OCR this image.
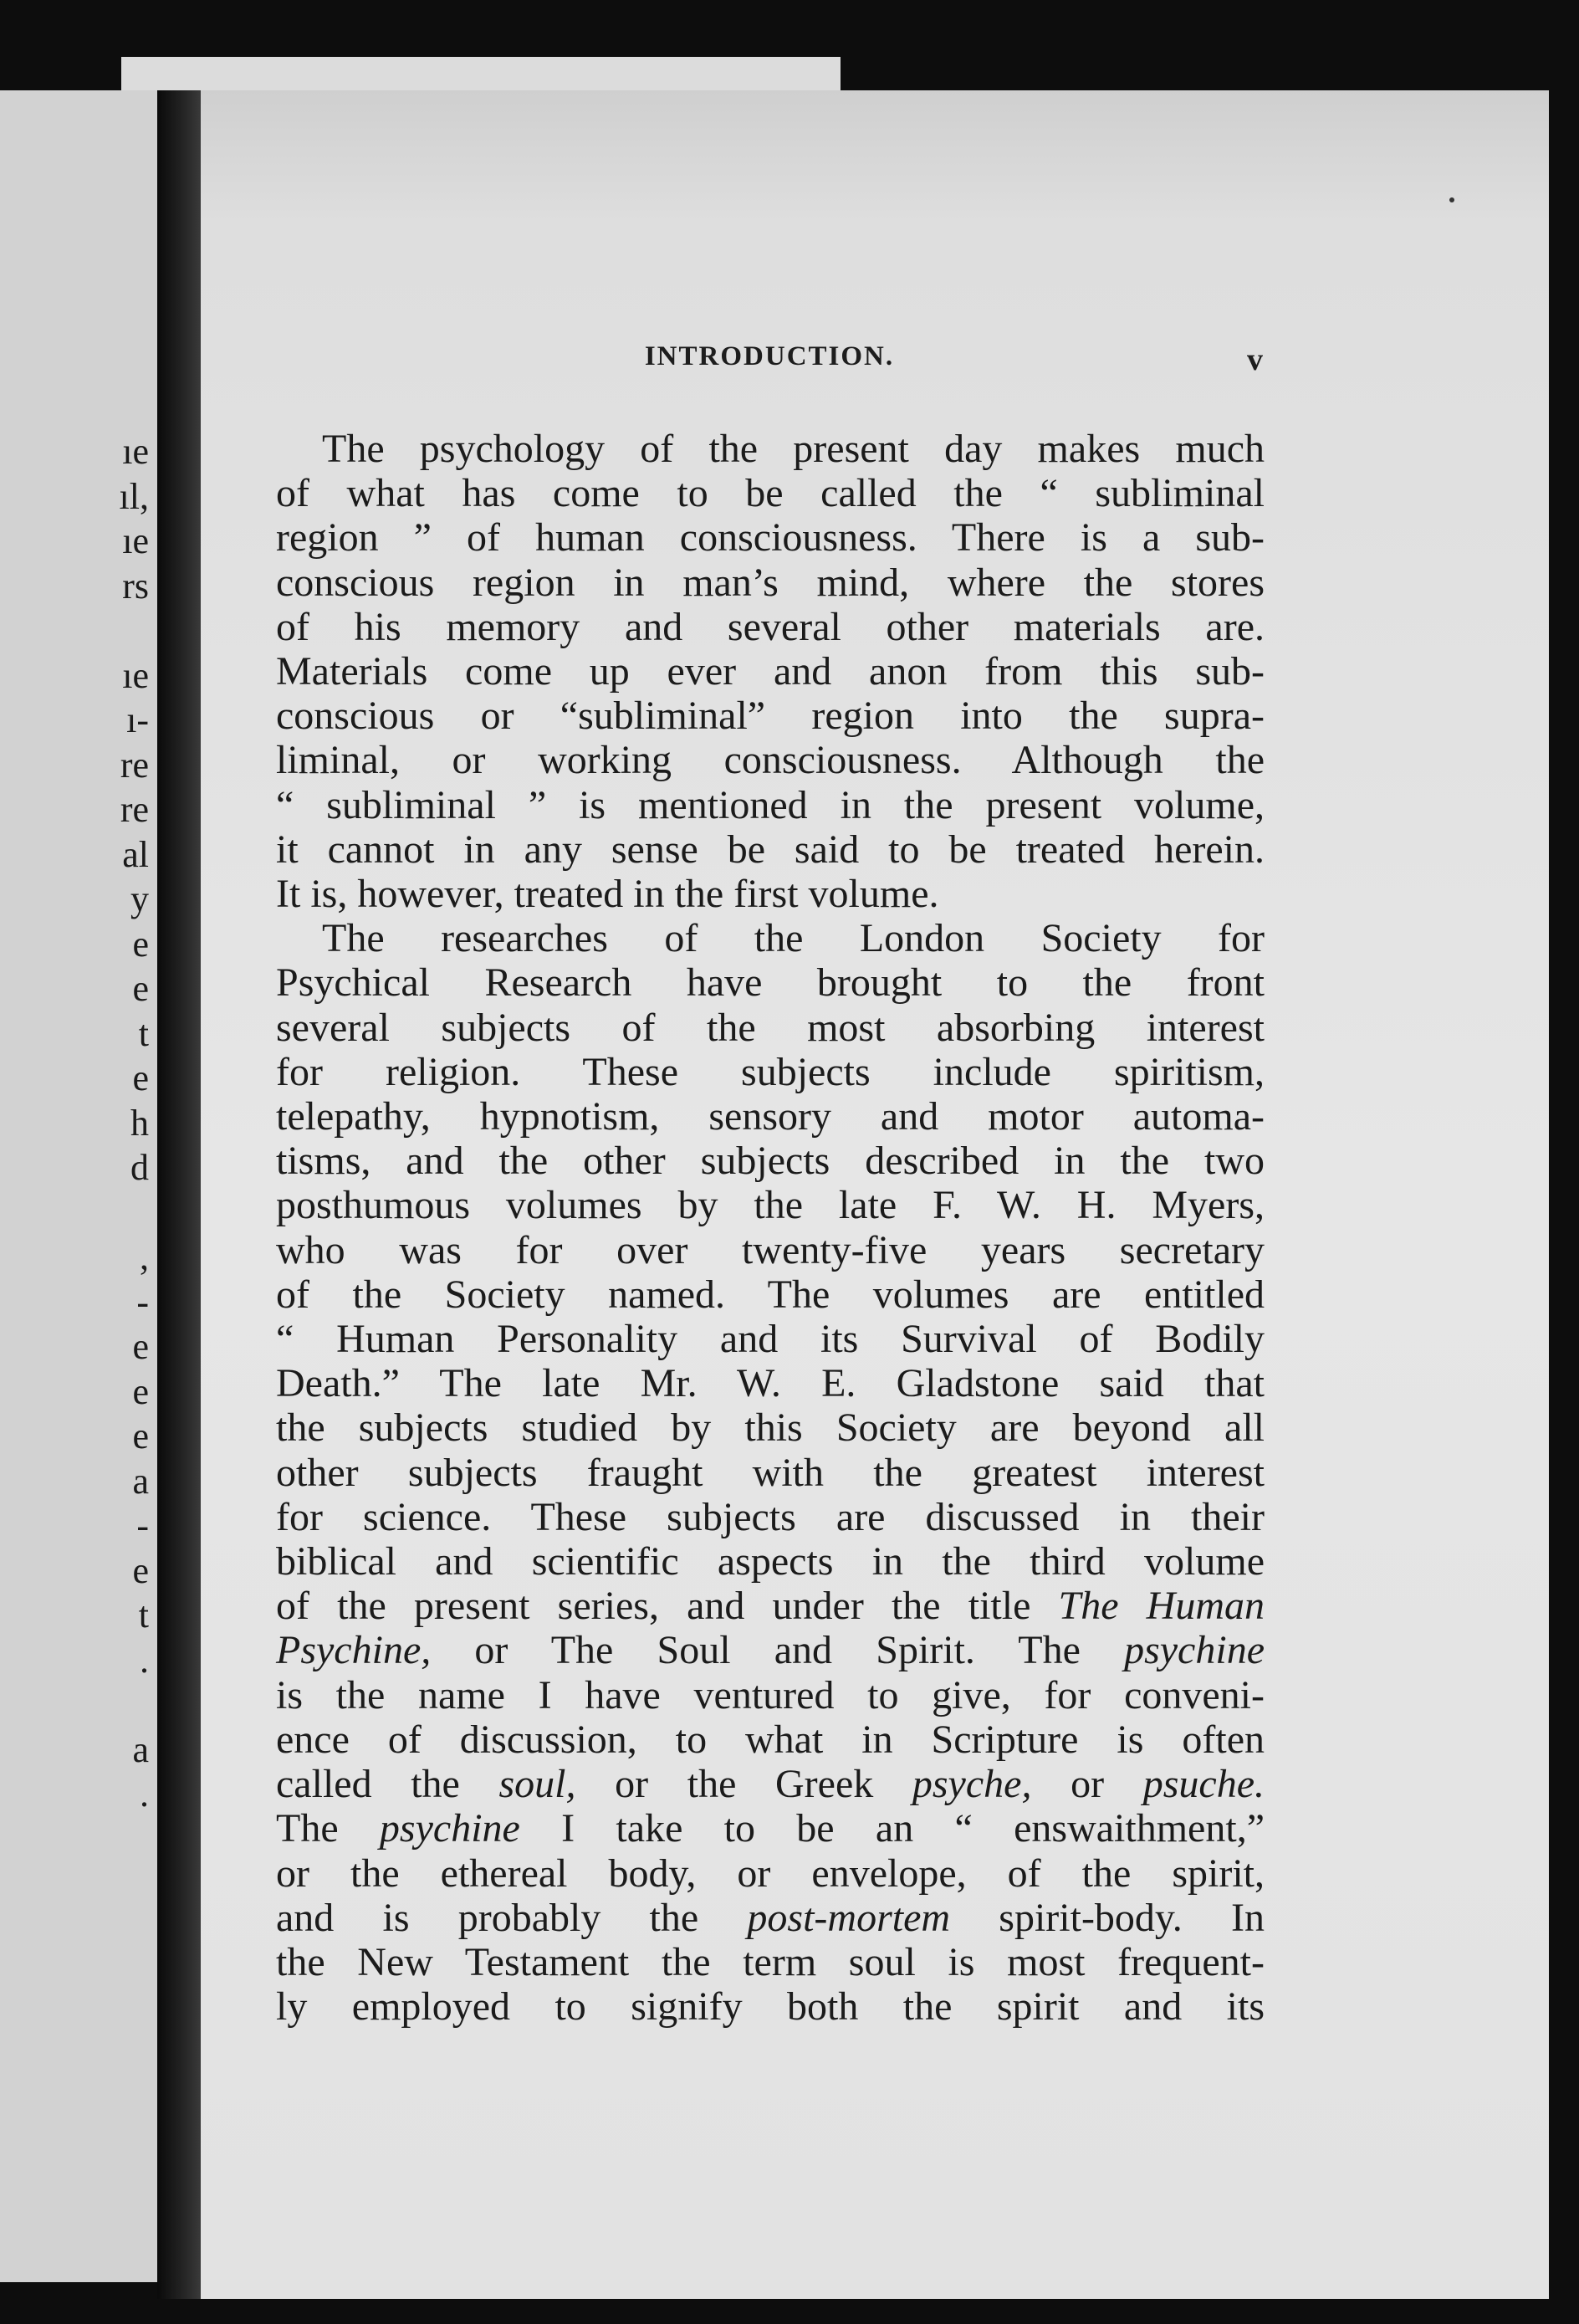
ıe
ıl,
ıe
rs
ıe
ı-
re
re
al
y
e
e
t
e
h
d
,
-
e
e
e
a
-
e
t
.
a
.
INTRODUCTION.	v

The psychology of the present day makes much

of what has come to be called the “ subliminal

region ” of human consciousness. There is a sub-

conscious region in man’s mind, where the stores

of his memory and several other materials are.

Materials come up ever and anon from this sub-

conscious or “subliminal” region into the supra-

liminal, or working consciousness. Although the

“ subliminal ” is mentioned in the present volume,

it cannot in any sense be said to be treated herein.

It is, however, treated in the first volume.

The researches of the London Society for

Psychical Research have brought to the front

several subjects of the most absorbing interest

for religion. These subjects include spiritism,

telepathy, hypnotism, sensory and motor automa-

tisms, and the other subjects described in the two

posthumous volumes by the late F. W. H. Myers,

who was for over twenty-five years secretary

of the Society named. The volumes are entitled

“ Human Personality and its Survival of Bodily

Death.” The late Mr. W. E. Gladstone said that

the subjects studied by this Society are beyond all

other subjects fraught with the greatest interest

for science. These subjects are discussed in their

biblical and scientific aspects in the third volume

of the present series, and under the title The Human

Psychine, or The Soul and Spirit. The psychine

is the name I have ventured to give, for conveni-

ence of discussion, to what in Scripture is often

called the soul, or the Greek psyche, or psuche.

The psychine I take to be an “ enswaithment,”

or the ethereal body, or envelope, of the spirit,

and is probably the post-mortem spirit-body. In

the New Testament the term soul is most frequent-

ly employed to signify both the spirit and its
